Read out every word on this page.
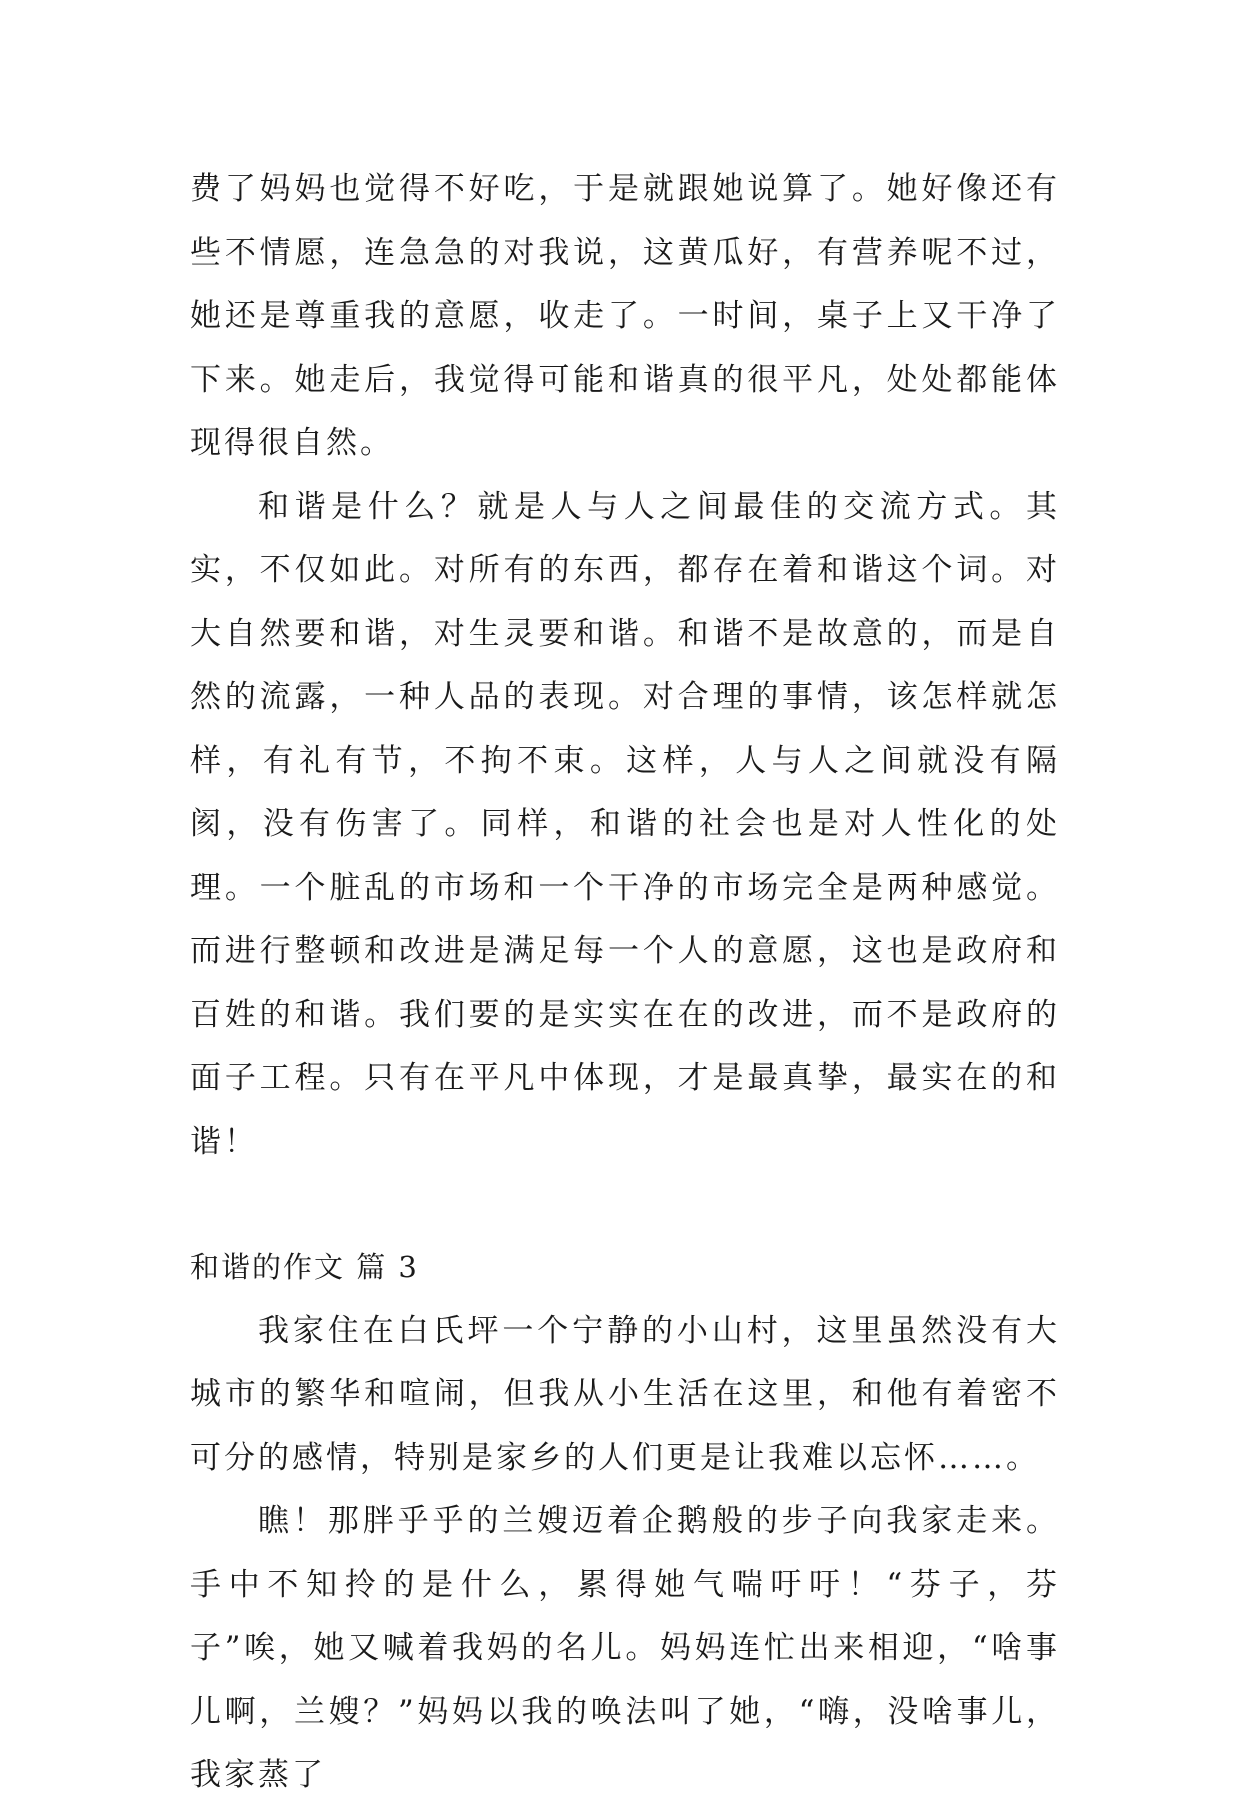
费了妈妈也觉得不好吃，于是就跟她说算了。她好像还有些不情愿，连急急的对我说，这黄瓜好，有营养呢不过，她还是尊重我的意愿，收走了。一时间，桌子上又干净了下来。她走后，我觉得可能和谐真的很平凡，处处都能体现得很自然。

和谐是什么？就是人与人之间最佳的交流方式。其实，不仅如此。对所有的东西，都存在着和谐这个词。对大自然要和谐，对生灵要和谐。和谐不是故意的，而是自然的流露，一种人品的表现。对合理的事情，该怎样就怎样，有礼有节，不拘不束。这样，人与人之间就没有隔阂，没有伤害了。同样，和谐的社会也是对人性化的处理。一个脏乱的市场和一个干净的市场完全是两种感觉。而进行整顿和改进是满足每一个人的意愿，这也是政府和百姓的和谐。我们要的是实实在在的改进，而不是政府的面子工程。只有在平凡中体现，才是最真挚，最实在的和谐！

和谐的作文 篇 3

我家住在白氏坪一个宁静的小山村，这里虽然没有大城市的繁华和喧闹，但我从小生活在这里，和他有着密不可分的感情，特别是家乡的人们更是让我难以忘怀……。

瞧！那胖乎乎的兰嫂迈着企鹅般的步子向我家走来。手中不知拎的是什么，累得她气喘吁吁！“芬子，芬子”唉，她又喊着我妈的名儿。妈妈连忙出来相迎，“啥事儿啊，兰嫂？”妈妈以我的唤法叫了她，“嗨，没啥事儿，我家蒸了
